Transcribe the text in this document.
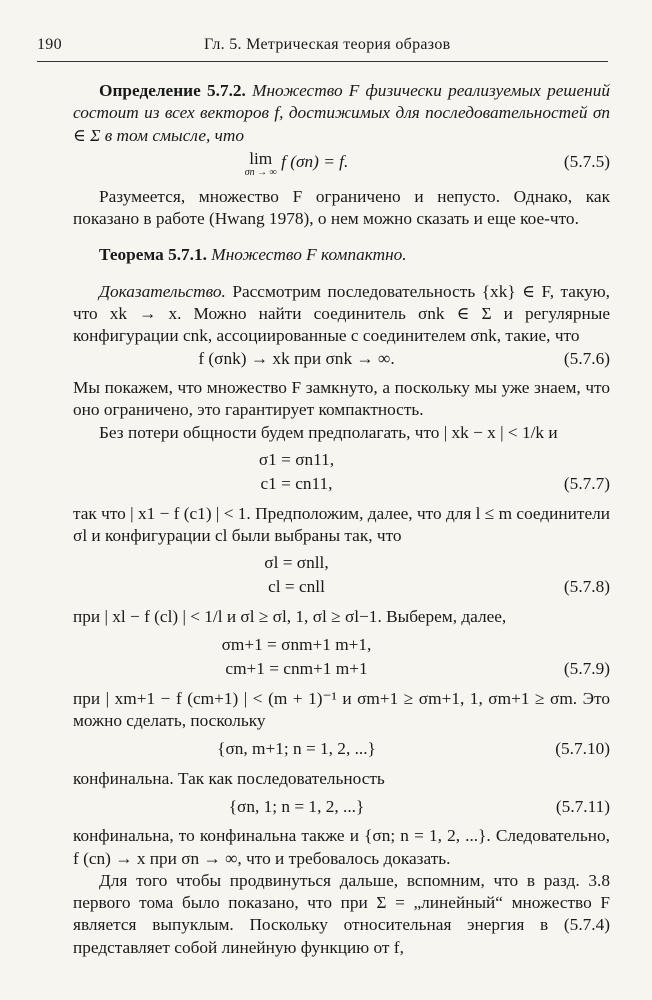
190	Гл. 5. Метрическая теория образов

Определение 5.7.2. Множество F физически реализуемых решений состоит из всех векторов f, достижимых для последовательностей σn ∈ Σ в том смысле, что

lim
σn → ∞
f (σn) = f.	(5.7.5)

Разумеется, множество F ограничено и непусто. Однако, как показано в работе (Hwang 1978), о нем можно сказать и еще кое-что.

Теорема 5.7.1. Множество F компактно.

Доказательство. Рассмотрим последовательность {xk} ∈ F, такую, что xk → x. Можно найти соединитель σnk ∈ Σ и регулярные конфигурации cnk, ассоциированные с соединителем σnk, такие, что

f (σnk) → xk при σnk → ∞.	(5.7.6)

Мы покажем, что множество F замкнуто, а поскольку мы уже знаем, что оно ограничено, это гарантирует компактность.

Без потери общности будем предполагать, что | xk − x | < 1/k и

σ1 = σn11,
c1 = cn11,	(5.7.7)

так что | x1 − f (c1) | < 1. Предположим, далее, что для l ≤ m соединители σl и конфигурации cl были выбраны так, что

σl = σnll,
cl = cnll	(5.7.8)

при | xl − f (cl) | < 1/l и σl ≥ σl, 1, σl ≥ σl−1. Выберем, далее,

σm+1 = σnm+1 m+1,
cm+1 = cnm+1 m+1	(5.7.9)

при | xm+1 − f (cm+1) | < (m + 1)⁻¹ и σm+1 ≥ σm+1, 1, σm+1 ≥ σm. Это можно сделать, поскольку

{σn, m+1; n = 1, 2, ...}	(5.7.10)

конфинальна. Так как последовательность

{σn, 1; n = 1, 2, ...}	(5.7.11)

конфинальна, то конфинальна также и {σn; n = 1, 2, ...}. Следовательно, f (cn) → x при σn → ∞, что и требовалось доказать.

Для того чтобы продвинуться дальше, вспомним, что в разд. 3.8 первого тома было показано, что при Σ = „линейный“ множество F является выпуклым. Поскольку относительная энергия в (5.7.4) представляет собой линейную функцию от f,
